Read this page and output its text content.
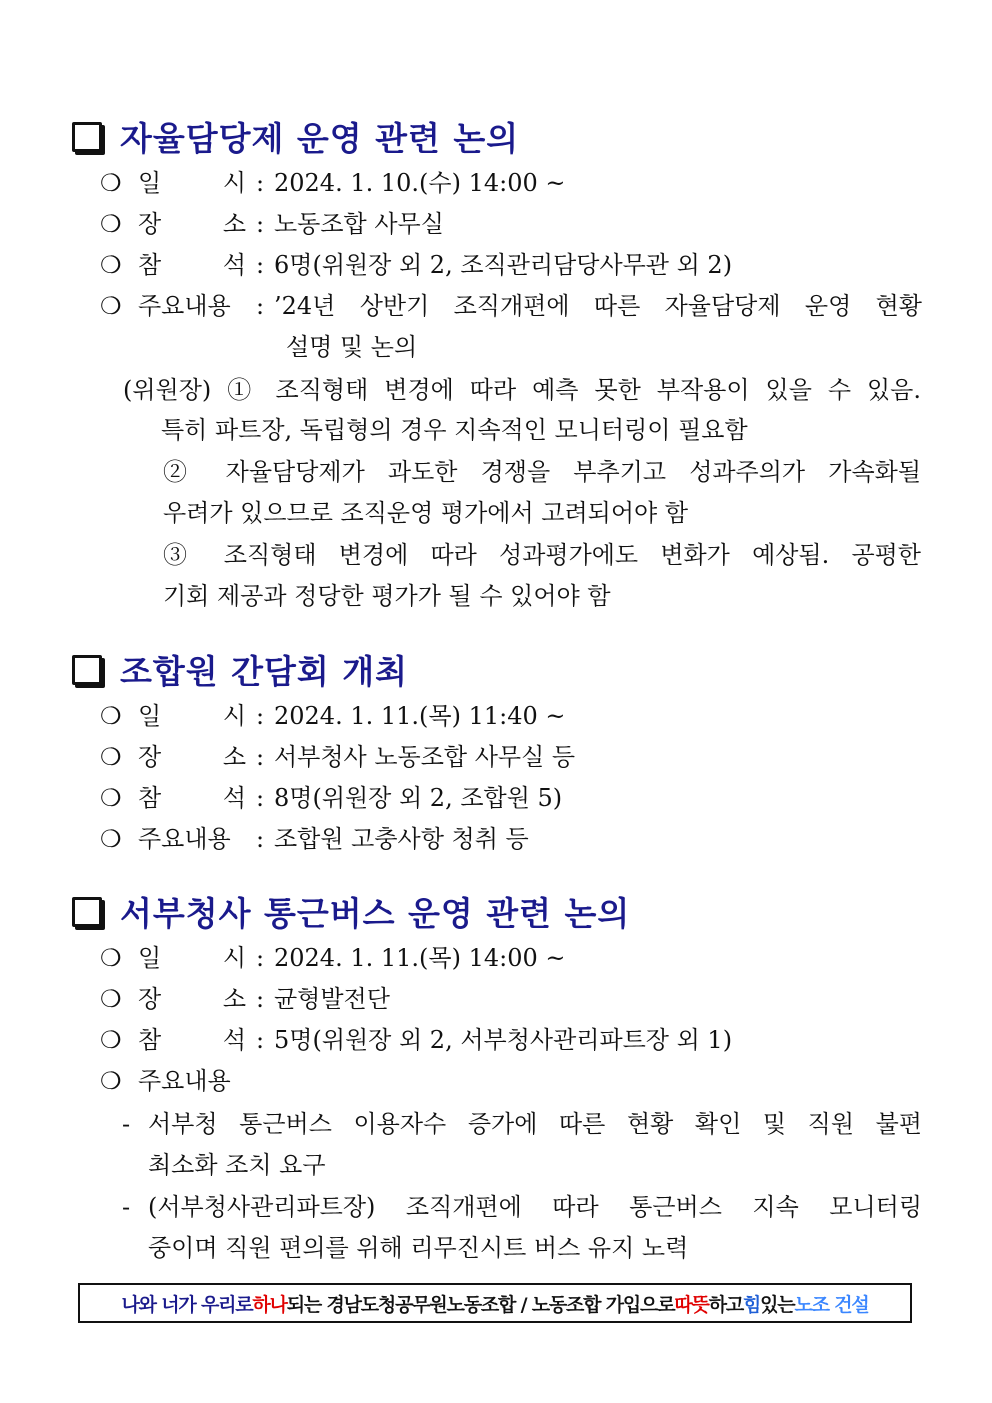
자율담당제 운영 관련 논의
❍ 일	시 : 2024. 1. 10.(수) 14:00 ~
❍ 장	소 : 노동조합 사무실
❍ 참	석 : 6명(위원장 외 2, 조직관리담당사무관 외 2)
❍ 주요내용	: ’24년 상반기 조직개편에 따른 자율담당제 운영 현황
설명 및 논의
(위원장) ① 조직형태 변경에 따라 예측 못한 부작용이 있을 수 있음.
특히 파트장, 독립형의 경우 지속적인 모니터링이 필요함
② 자율담당제가 과도한 경쟁을 부추기고 성과주의가 가속화될
우려가 있으므로 조직운영 평가에서 고려되어야 함
③ 조직형태 변경에 따라 성과평가에도 변화가 예상됨. 공평한
기회 제공과 정당한 평가가 될 수 있어야 함
조합원 간담회 개최
❍ 일	시 : 2024. 1. 11.(목) 11:40 ~
❍ 장	소 : 서부청사 노동조합 사무실 등
❍ 참	석 : 8명(위원장 외 2, 조합원 5)
❍ 주요내용	: 조합원 고충사항 청취 등
서부청사 통근버스 운영 관련 논의
❍ 일	시 : 2024. 1. 11.(목) 14:00 ~
❍ 장	소 : 균형발전단
❍ 참	석 : 5명(위원장 외 2, 서부청사관리파트장 외 1)
❍ 주요내용
- 서부청 통근버스 이용자수 증가에 따른 현황 확인 및 직원 불편
최소화 조치 요구
- (서부청사관리파트장) 조직개편에 따라 통근버스 지속 모니터링
중이며 직원 편의를 위해 리무진시트 버스 유지 노력
나와 너가 우리로 하나 되는 경남도청공무원노동조합 / 노동조합 가입으로 따뜻 하고 힘 있는 노조 건설
